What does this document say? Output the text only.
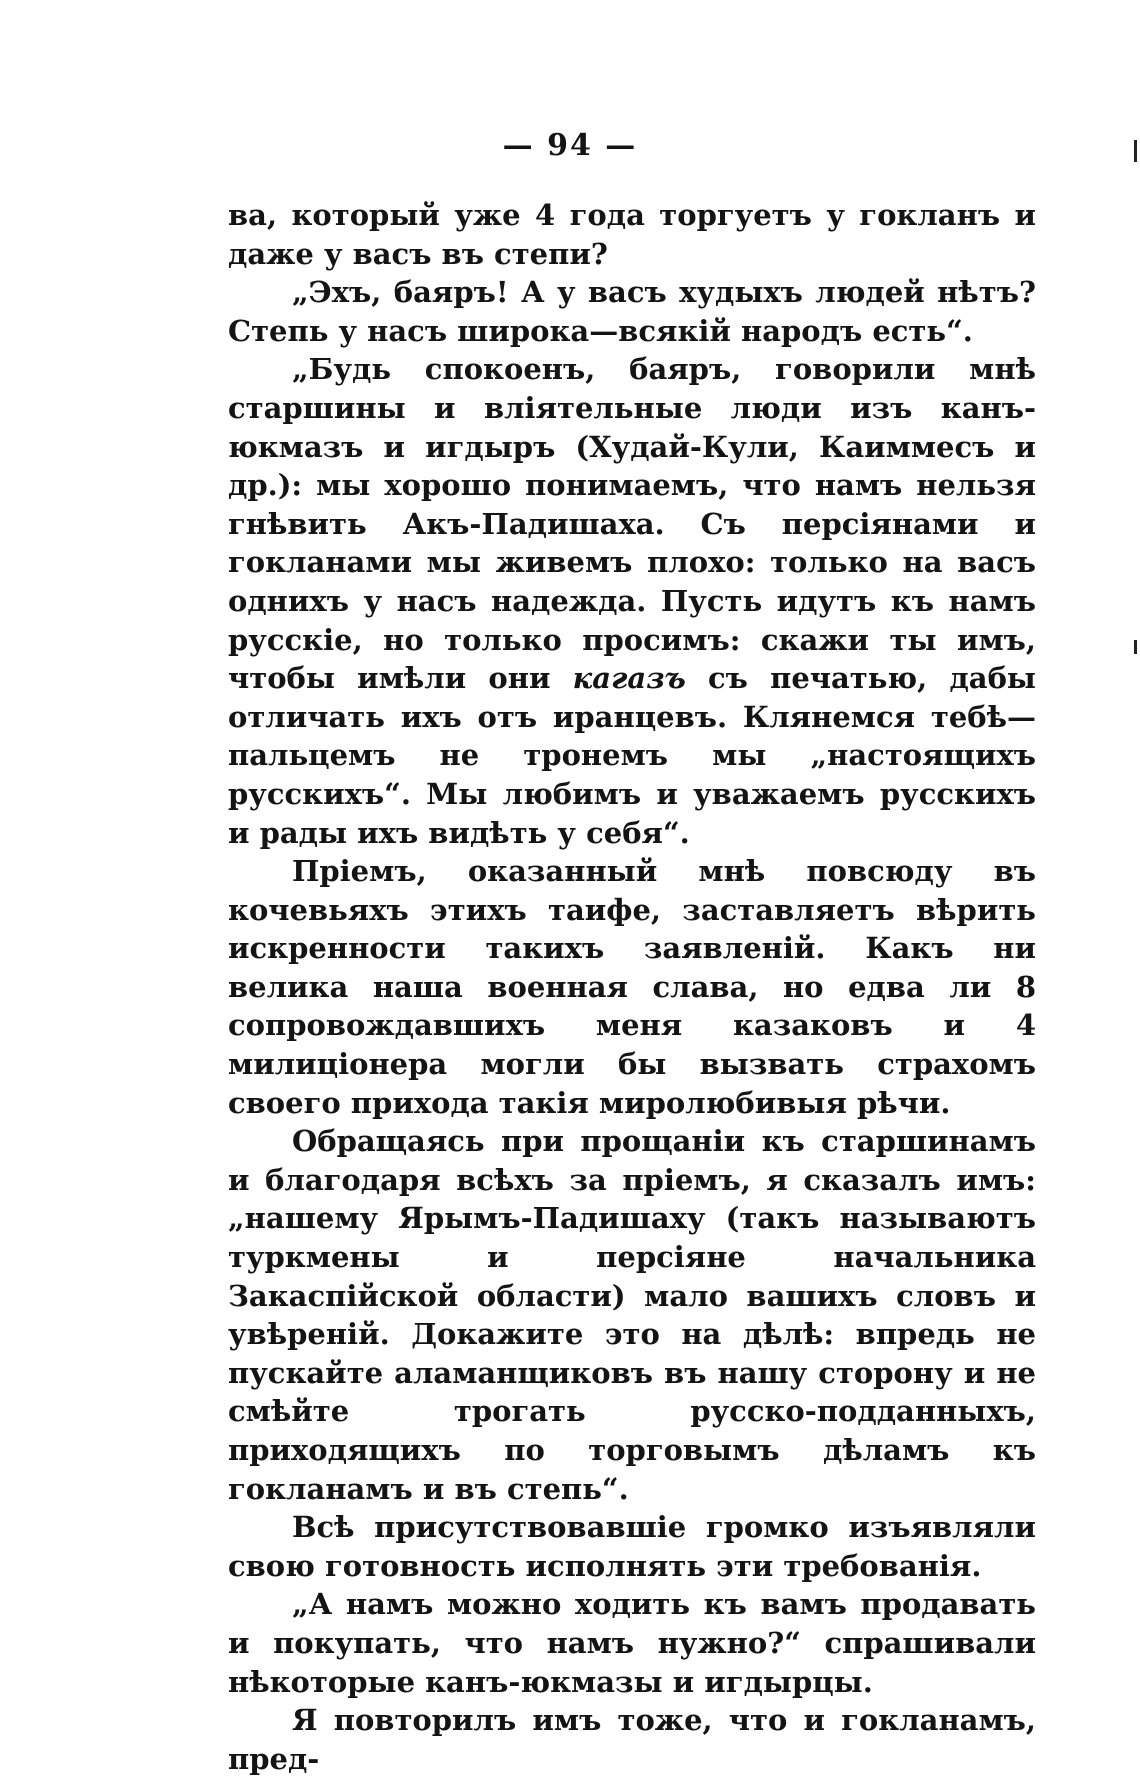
— 94 —

ва, который уже 4 года торгуетъ у гокланъ и даже у васъ въ степи?

„Эхъ, баяръ! А у васъ худыхъ людей нѣтъ? Степь у насъ широка—всякій народъ есть“.

„Будь спокоенъ, баяръ, говорили мнѣ старшины и вліятельные люди изъ канъ-юкмазъ и игдыръ (Худай-Кули, Каиммесъ и др.): мы хорошо понимаемъ, что намъ нельзя гнѣвить Акъ-Падишаха. Съ персіянами и гокланами мы живемъ плохо: только на васъ однихъ у насъ надежда. Пусть идутъ къ намъ русскіе, но только просимъ: скажи ты имъ, чтобы имѣли они кагазъ съ печатью, дабы отличать ихъ отъ иранцевъ. Клянемся тебѣ—пальцемъ не тронемъ мы „настоящихъ русскихъ“. Мы любимъ и уважаемъ русскихъ и рады ихъ видѣть у себя“.

Пріемъ, оказанный мнѣ повсюду въ кочевьяхъ этихъ таифе, заставляетъ вѣрить искренности такихъ заявленій. Какъ ни велика наша военная слава, но едва ли 8 сопровождавшихъ меня казаковъ и 4 милиціонера могли бы вызвать страхомъ своего прихода такія миролюбивыя рѣчи.

Обращаясь при прощаніи къ старшинамъ и благодаря всѣхъ за пріемъ, я сказалъ имъ: „нашему Ярымъ-Падишаху (такъ называютъ туркмены и персіяне начальника Закаспійской области) мало вашихъ словъ и увѣреній. Докажите это на дѣлѣ: впредь не пускайте аламанщиковъ въ нашу сторону и не смѣйте трогать русско-подданныхъ, приходящихъ по торговымъ дѣламъ къ гокланамъ и въ степь“.

Всѣ присутствовавшіе громко изъявляли свою готовность исполнять эти требованія.

„А намъ можно ходить къ вамъ продавать и покупать, что намъ нужно?“ спрашивали нѣкоторые канъ-юкмазы и игдырцы.

Я повторилъ имъ тоже, что и гокланамъ, пред-
